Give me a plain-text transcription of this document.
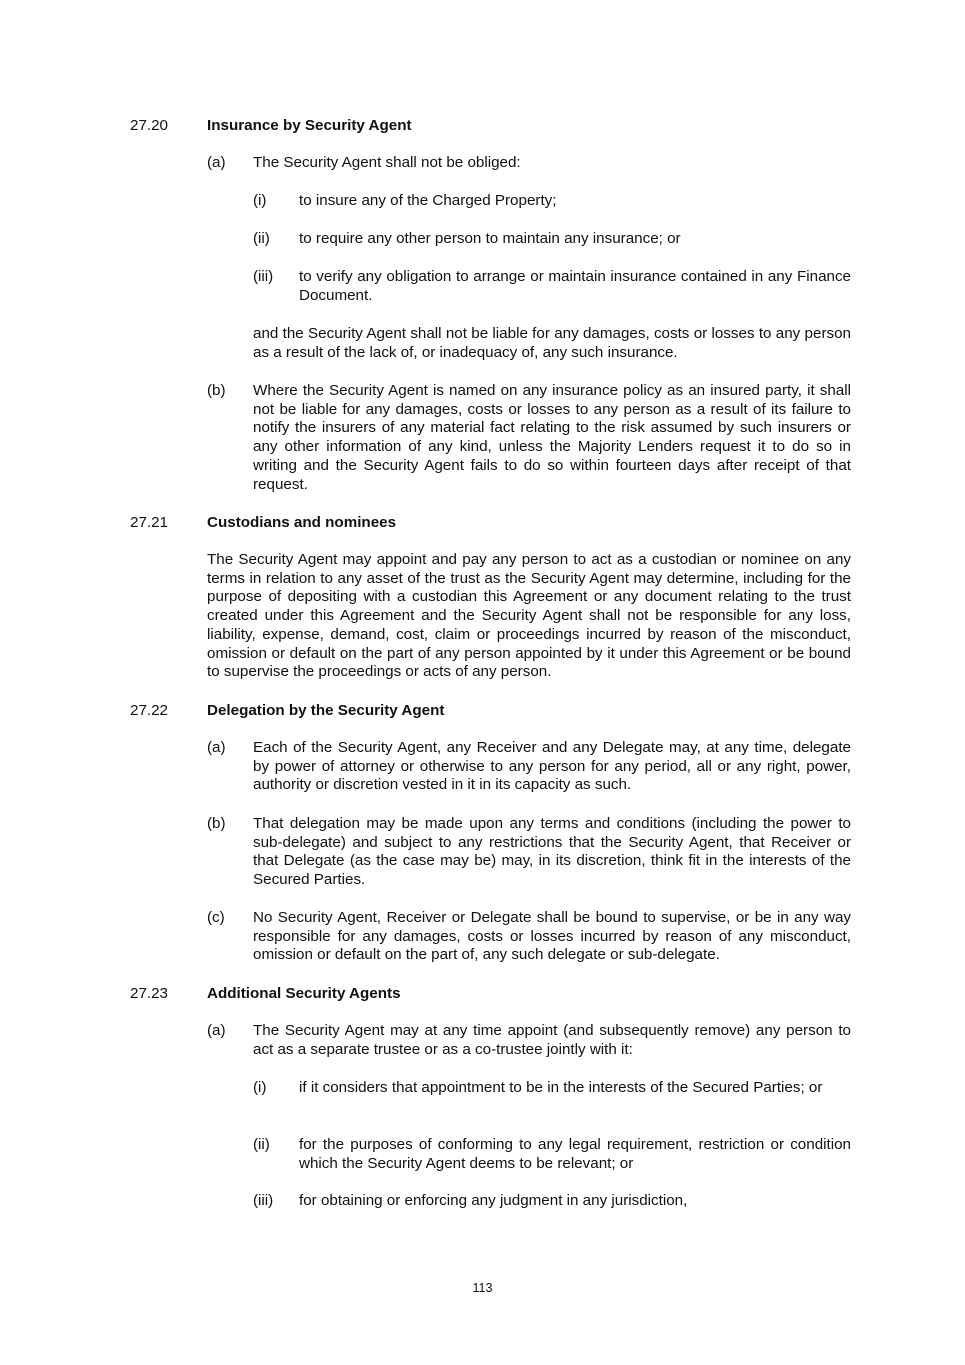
27.20	Insurance by Security Agent
(a) The Security Agent shall not be obliged:
(i) to insure any of the Charged Property;
(ii) to require any other person to maintain any insurance; or
(iii) to verify any obligation to arrange or maintain insurance contained in any Finance Document.
and the Security Agent shall not be liable for any damages, costs or losses to any person as a result of the lack of, or inadequacy of, any such insurance.
(b) Where the Security Agent is named on any insurance policy as an insured party, it shall not be liable for any damages, costs or losses to any person as a result of its failure to notify the insurers of any material fact relating to the risk assumed by such insurers or any other information of any kind, unless the Majority Lenders request it to do so in writing and the Security Agent fails to do so within fourteen days after receipt of that request.
27.21	Custodians and nominees
The Security Agent may appoint and pay any person to act as a custodian or nominee on any terms in relation to any asset of the trust as the Security Agent may determine, including for the purpose of depositing with a custodian this Agreement or any document relating to the trust created under this Agreement and the Security Agent shall not be responsible for any loss, liability, expense, demand, cost, claim or proceedings incurred by reason of the misconduct, omission or default on the part of any person appointed by it under this Agreement or be bound to supervise the proceedings or acts of any person.
27.22	Delegation by the Security Agent
(a) Each of the Security Agent, any Receiver and any Delegate may, at any time, delegate by power of attorney or otherwise to any person for any period, all or any right, power, authority or discretion vested in it in its capacity as such.
(b) That delegation may be made upon any terms and conditions (including the power to sub-delegate) and subject to any restrictions that the Security Agent, that Receiver or that Delegate (as the case may be) may, in its discretion, think fit in the interests of the Secured Parties.
(c) No Security Agent, Receiver or Delegate shall be bound to supervise, or be in any way responsible for any damages, costs or losses incurred by reason of any misconduct, omission or default on the part of, any such delegate or sub-delegate.
27.23	Additional Security Agents
(a) The Security Agent may at any time appoint (and subsequently remove) any person to act as a separate trustee or as a co-trustee jointly with it:
(i) if it considers that appointment to be in the interests of the Secured Parties; or
(ii) for the purposes of conforming to any legal requirement, restriction or condition which the Security Agent deems to be relevant; or
(iii) for obtaining or enforcing any judgment in any jurisdiction,
113
